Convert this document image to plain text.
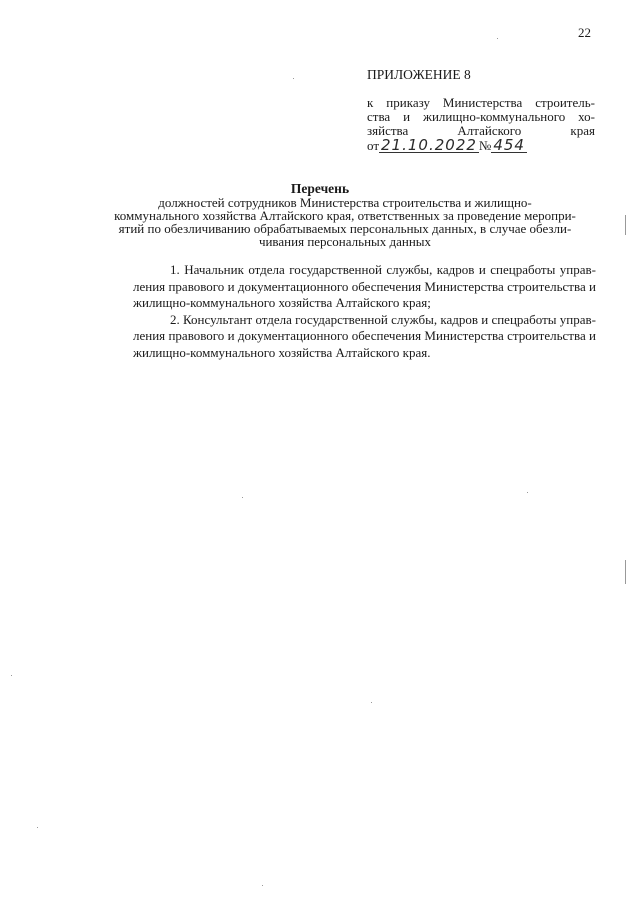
22
ПРИЛОЖЕНИЕ 8
к приказу Министерства строитель-
ства и жилищно-коммунального хо-
зяйства Алтайского края
от 21.10.2022 № 454
Перечень
должностей сотрудников Министерства строительства и жилищно-
коммунального хозяйства Алтайского края, ответственных за проведение меропри-
ятий по обезличиванию обрабатываемых персональных данных, в случае обезли-
чивания персональных данных
1. Начальник отдела государственной службы, кадров и спецработы управ-
ления правового и документационного обеспечения Министерства строительства и
жилищно-коммунального хозяйства Алтайского края;
2. Консультант отдела государственной службы, кадров и спецработы управ-
ления правового и документационного обеспечения Министерства строительства и
жилищно-коммунального хозяйства Алтайского края.
